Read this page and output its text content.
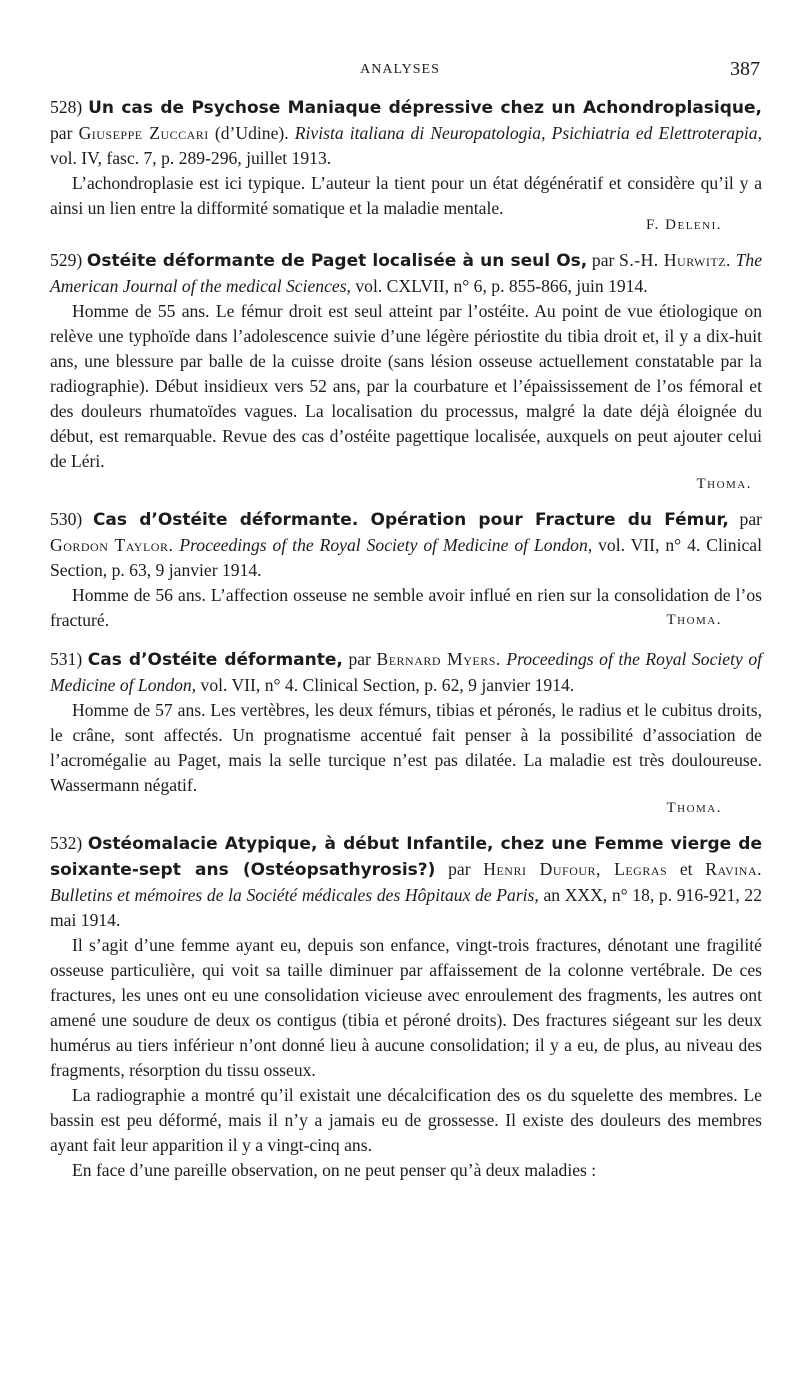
ANALYSES	387

528) Un cas de Psychose Maniaque dépressive chez un Achondroplasique, par Giuseppe Zuccari (d’Udine). Rivista italiana di Neuropatologia, Psichiatria ed Elettroterapia, vol. IV, fasc. 7, p. 289-296, juillet 1913.

L’achondroplasie est ici typique. L’auteur la tient pour un état dégénératif et considère qu’il y a ainsi un lien entre la difformité somatique et la maladie mentale.

F. Deleni.

529) Ostéite déformante de Paget localisée à un seul Os, par S.-H. Hurwitz. The American Journal of the medical Sciences, vol. CXLVII, n° 6, p. 855-866, juin 1914.

Homme de 55 ans. Le fémur droit est seul atteint par l’ostéite. Au point de vue étiologique on relève une typhoïde dans l’adolescence suivie d’une légère périostite du tibia droit et, il y a dix-huit ans, une blessure par balle de la cuisse droite (sans lésion osseuse actuellement constatable par la radiographie). Début insidieux vers 52 ans, par la courbature et l’épaississement de l’os fémoral et des douleurs rhumatoïdes vagues. La localisation du processus, malgré la date déjà éloignée du début, est remarquable. Revue des cas d’ostéite pagettique localisée, auxquels on peut ajouter celui de Léri.

Thoma.

530) Cas d’Ostéite déformante. Opération pour Fracture du Fémur, par Gordon Taylor. Proceedings of the Royal Society of Medicine of London, vol. VII, n° 4. Clinical Section, p. 63, 9 janvier 1914.

Homme de 56 ans. L’affection osseuse ne semble avoir influé en rien sur la consolidation de l’os fracturé.	Thoma.

531) Cas d’Ostéite déformante, par Bernard Myers. Proceedings of the Royal Society of Medicine of London, vol. VII, n° 4. Clinical Section, p. 62, 9 janvier 1914.

Homme de 57 ans. Les vertèbres, les deux fémurs, tibias et péronés, le radius et le cubitus droits, le crâne, sont affectés. Un prognatisme accentué fait penser à la possibilité d’association de l’acromégalie au Paget, mais la selle turcique n’est pas dilatée. La maladie est très douloureuse. Wassermann négatif.

Thoma.

532) Ostéomalacie Atypique, à début Infantile, chez une Femme vierge de soixante-sept ans (Ostéopsathyrosis?) par Henri Dufour, Legras et Ravina. Bulletins et mémoires de la Société médicales des Hôpitaux de Paris, an XXX, n° 18, p. 916-921, 22 mai 1914.

Il s’agit d’une femme ayant eu, depuis son enfance, vingt-trois fractures, dénotant une fragilité osseuse particulière, qui voit sa taille diminuer par affaissement de la colonne vertébrale. De ces fractures, les unes ont eu une consolidation vicieuse avec enroulement des fragments, les autres ont amené une soudure de deux os contigus (tibia et péroné droits). Des fractures siégeant sur les deux humérus au tiers inférieur n’ont donné lieu à aucune consolidation; il y a eu, de plus, au niveau des fragments, résorption du tissu osseux.

La radiographie a montré qu’il existait une décalcification des os du squelette des membres. Le bassin est peu déformé, mais il n’y a jamais eu de grossesse. Il existe des douleurs des membres ayant fait leur apparition il y a vingt-cinq ans.

En face d’une pareille observation, on ne peut penser qu’à deux maladies :
